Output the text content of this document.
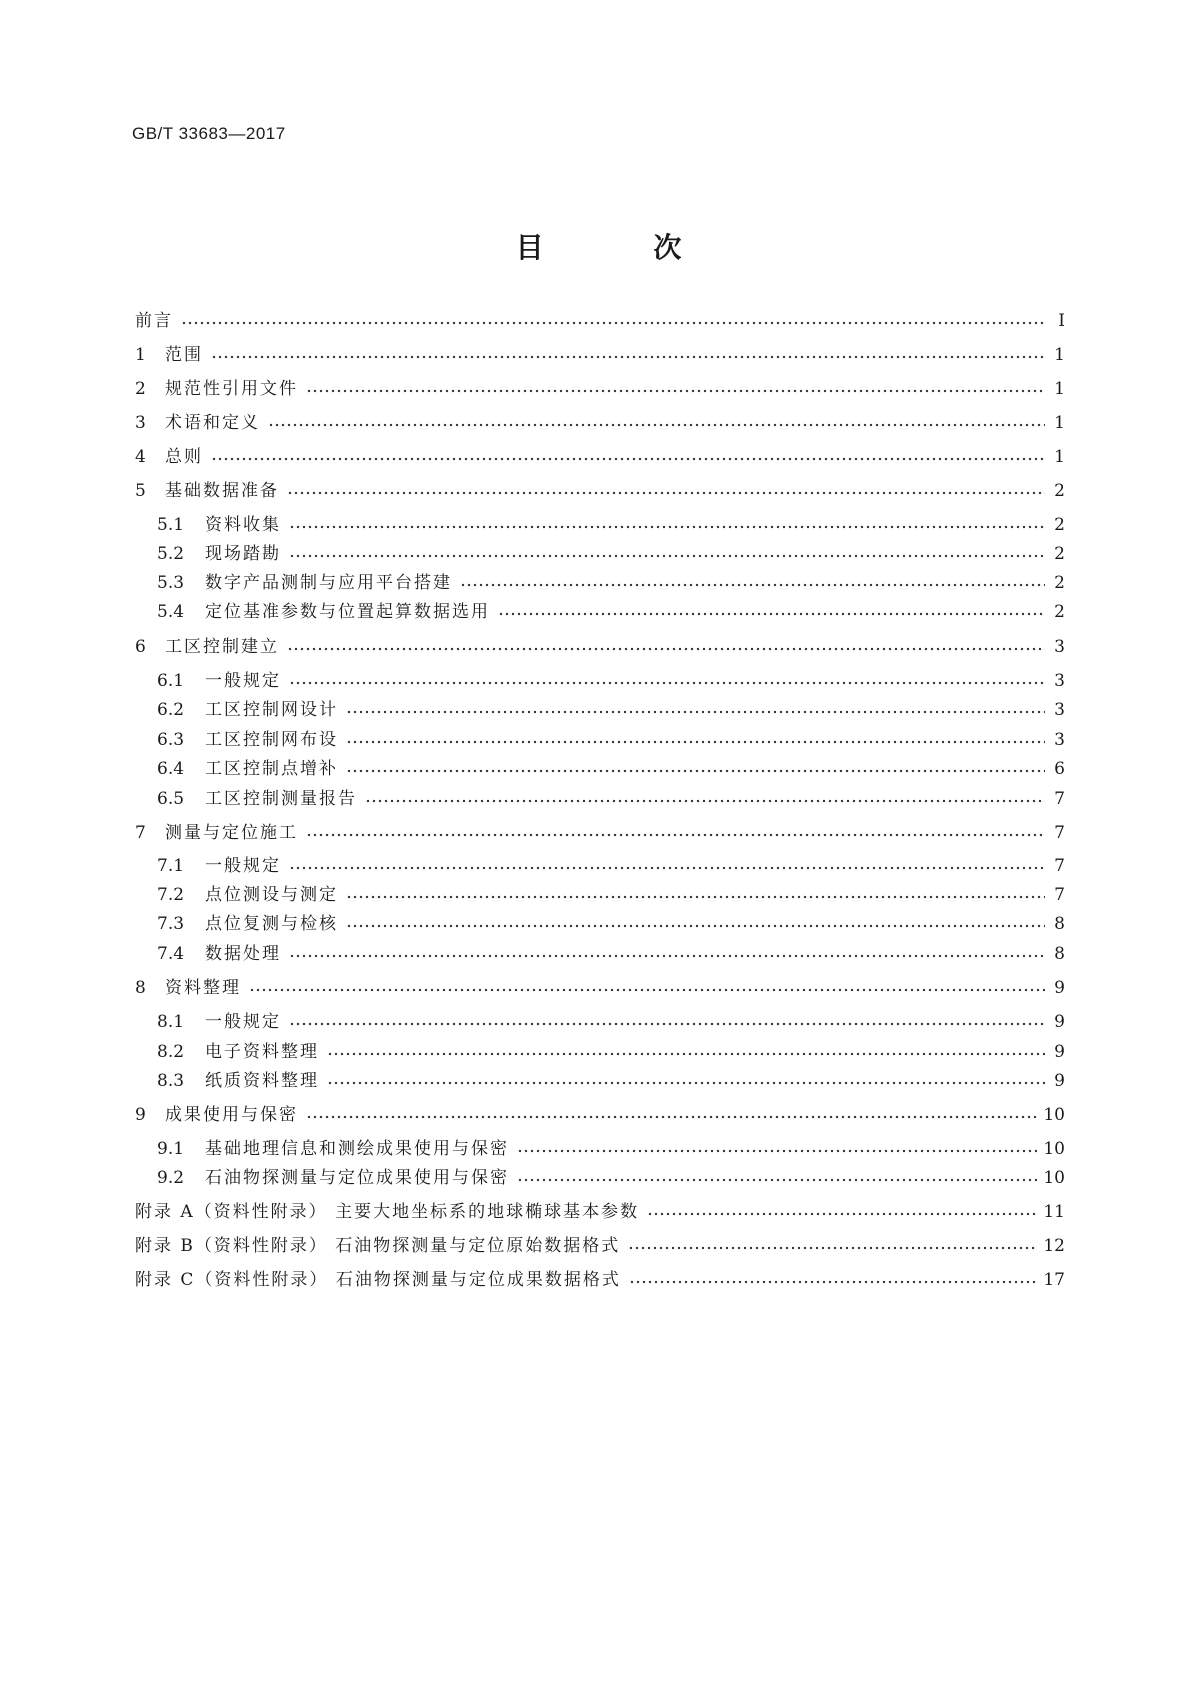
GB/T 33683—2017
目 次
前言	Ⅰ
1	范围	1
2	规范性引用文件	1
3	术语和定义	1
4	总则	1
5	基础数据准备	2
5.1	资料收集	2
5.2	现场踏勘	2
5.3	数字产品测制与应用平台搭建	2
5.4	定位基准参数与位置起算数据选用	2
6	工区控制建立	3
6.1	一般规定	3
6.2	工区控制网设计	3
6.3	工区控制网布设	3
6.4	工区控制点增补	6
6.5	工区控制测量报告	7
7	测量与定位施工	7
7.1	一般规定	7
7.2	点位测设与测定	7
7.3	点位复测与检核	8
7.4	数据处理	8
8	资料整理	9
8.1	一般规定	9
8.2	电子资料整理	9
8.3	纸质资料整理	9
9	成果使用与保密	10
9.1	基础地理信息和测绘成果使用与保密	10
9.2	石油物探测量与定位成果使用与保密	10
附录 A（资料性附录） 主要大地坐标系的地球椭球基本参数	11
附录 B（资料性附录） 石油物探测量与定位原始数据格式	12
附录 C（资料性附录） 石油物探测量与定位成果数据格式	17
